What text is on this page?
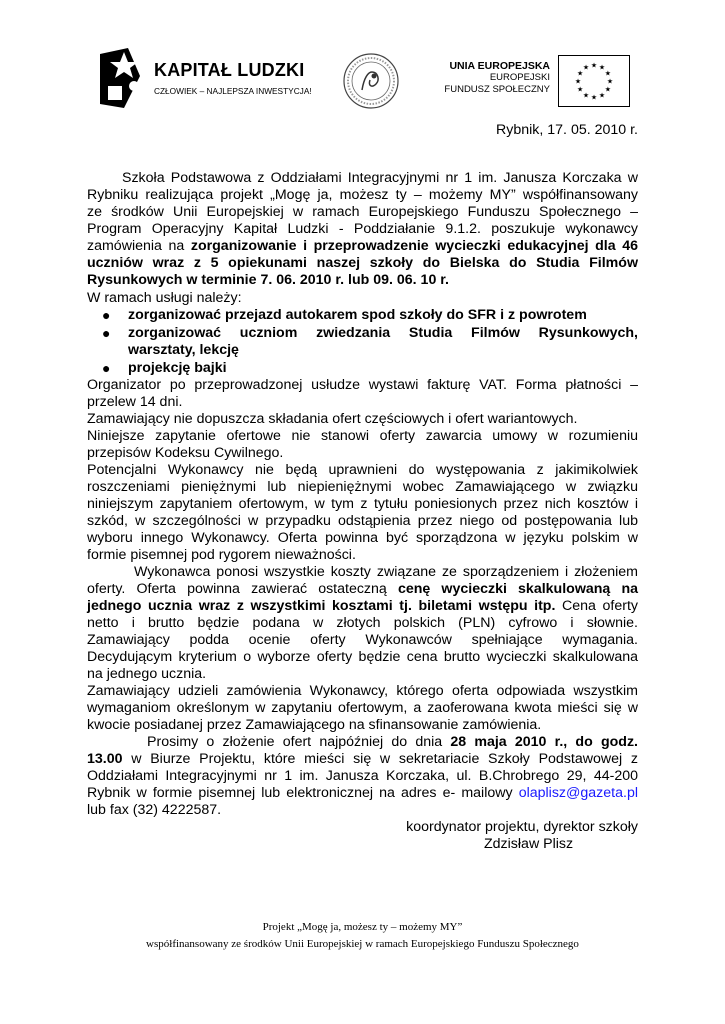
KAPITAŁ LUDZKI
CZŁOWIEK – NAJLEPSZA INWESTYCJA!
UNIA EUROPEJSKA
EUROPEJSKI
FUNDUSZ SPOŁECZNY
★ ★
★
★
★
★
★
★
★
★
★
★
Rybnik, 17. 05. 2010 r.
Szkoła Podstawowa z Oddziałami Integracyjnymi nr 1 im. Janusza Korczaka w
Rybniku realizująca projekt „Mogę ja, możesz ty – możemy MY” współfinansowany
ze środków Unii Europejskiej w ramach Europejskiego Funduszu Społecznego –
Program Operacyjny Kapitał Ludzki - Poddziałanie 9.1.2. poszukuje wykonawcy
zamówienia na zorganizowanie i przeprowadzenie wycieczki edukacyjnej dla 46
uczniów wraz z 5 opiekunami naszej szkoły do Bielska do Studia Filmów
Rysunkowych w terminie 7. 06. 2010 r. lub 09. 06. 10 r.
W ramach usługi należy:
● zorganizować przejazd autokarem spod szkoły do SFR i z powrotem
● zorganizować uczniom zwiedzania Studia Filmów Rysunkowych,
warsztaty, lekcję
● projekcję bajki
Organizator po przeprowadzonej usłudze wystawi fakturę VAT. Forma płatności –
przelew 14 dni.
Zamawiający nie dopuszcza składania ofert częściowych i ofert wariantowych.
Niniejsze zapytanie ofertowe nie stanowi oferty zawarcia umowy w rozumieniu
przepisów Kodeksu Cywilnego.
Potencjalni Wykonawcy nie będą uprawnieni do występowania z jakimikolwiek
roszczeniami pieniężnymi lub niepieniężnymi wobec Zamawiającego w związku
niniejszym zapytaniem ofertowym, w tym z tytułu poniesionych przez nich kosztów i
szkód, w szczególności w przypadku odstąpienia przez niego od postępowania lub
wyboru innego Wykonawcy. Oferta powinna być sporządzona w języku polskim w
formie pisemnej pod rygorem nieważności.
Wykonawca ponosi wszystkie koszty związane ze sporządzeniem i złożeniem
oferty. Oferta powinna zawierać ostateczną cenę wycieczki skalkulowaną na
jednego ucznia wraz z wszystkimi kosztami tj. biletami wstępu itp. Cena oferty
netto i brutto będzie podana w złotych polskich (PLN) cyfrowo i słownie.
Zamawiający podda ocenie oferty Wykonawców spełniające wymagania.
Decydującym kryterium o wyborze oferty będzie cena brutto wycieczki skalkulowana
na jednego ucznia.
Zamawiający udzieli zamówienia Wykonawcy, którego oferta odpowiada wszystkim
wymaganiom określonym w zapytaniu ofertowym, a zaoferowana kwota mieści się w
kwocie posiadanej przez Zamawiającego na sfinansowanie zamówienia.
Prosimy o złożenie ofert najpóźniej do dnia 28 maja 2010 r., do godz.
13.00 w Biurze Projektu, które mieści się w sekretariacie Szkoły Podstawowej z
Oddziałami Integracyjnymi nr 1 im. Janusza Korczaka, ul. B.Chrobrego 29, 44-200
Rybnik w formie pisemnej lub elektronicznej na adres e- mailowy olaplisz@gazeta.pl
lub fax (32) 4222587.
koordynator projektu, dyrektor szkoły
Zdzisław Plisz
Projekt „Mogę ja, możesz ty – możemy MY”
współfinansowany ze środków Unii Europejskiej w ramach Europejskiego Funduszu Społecznego
